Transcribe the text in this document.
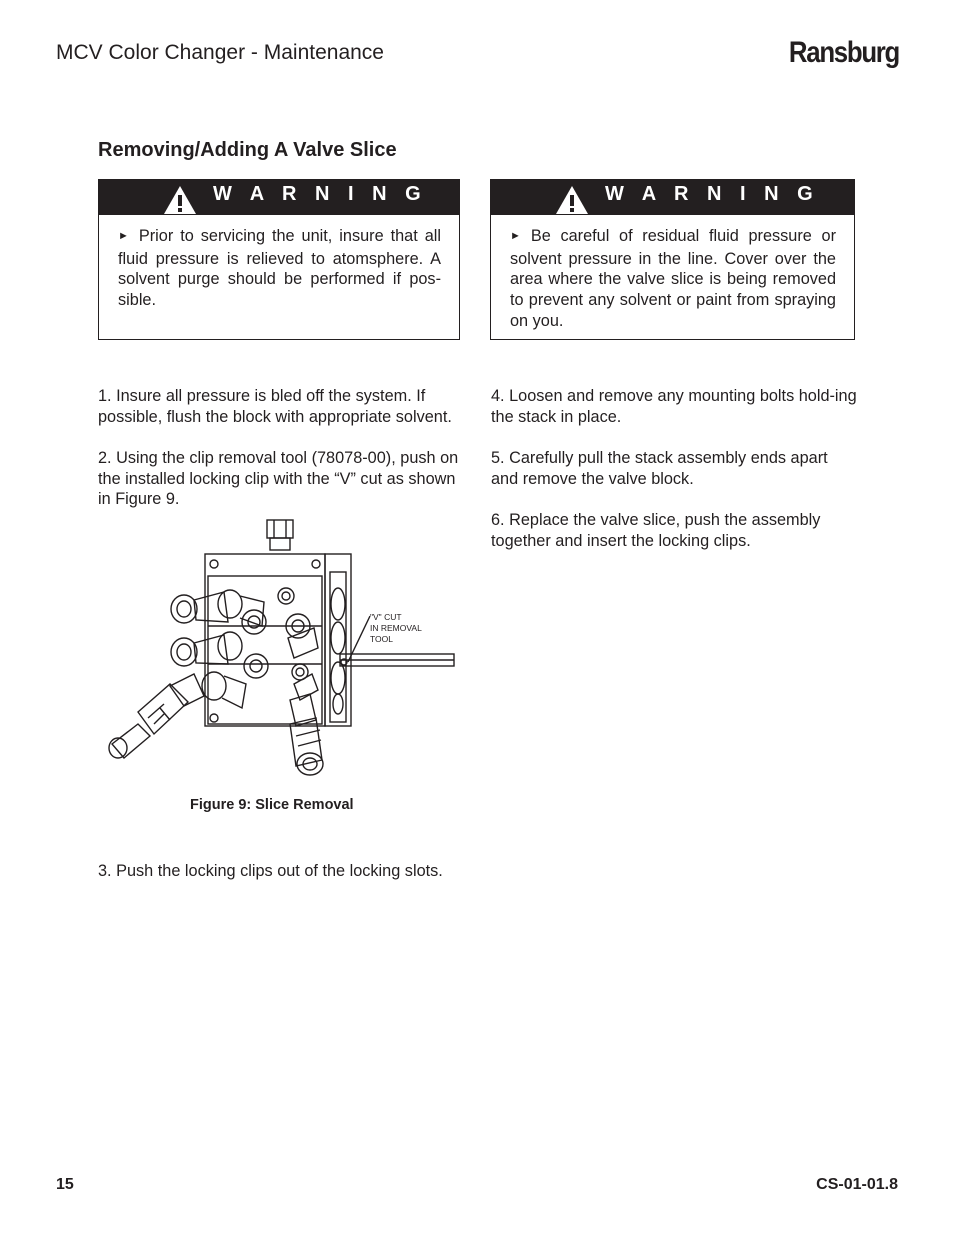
MCV Color Changer - Maintenance	Ransburg
Removing/Adding A Valve Slice
W A R N I N G
► Prior to servicing the unit, insure that all fluid pressure is relieved to atomsphere. A solvent purge should be performed if pos-sible.
W A R N I N G
► Be careful of residual fluid pressure or solvent pressure in the line. Cover over the area where the valve slice is being removed to prevent any solvent or paint from spraying on you.
1. Insure all pressure is bled off the system. If possible, flush the block with appropriate solvent.
2. Using the clip removal tool (78078-00), push on the installed locking clip with the “V” cut as shown in Figure 9.
3. Push the locking clips out of the locking slots.
4. Loosen and remove any mounting bolts hold-ing the stack in place.
5. Carefully pull the stack assembly ends apart and remove the valve block.
6. Replace the valve slice, push the assembly together and insert the locking clips.
"V" CUT
IN REMOVAL
TOOL
Figure 9: Slice Removal
15	CS-01-01.8
